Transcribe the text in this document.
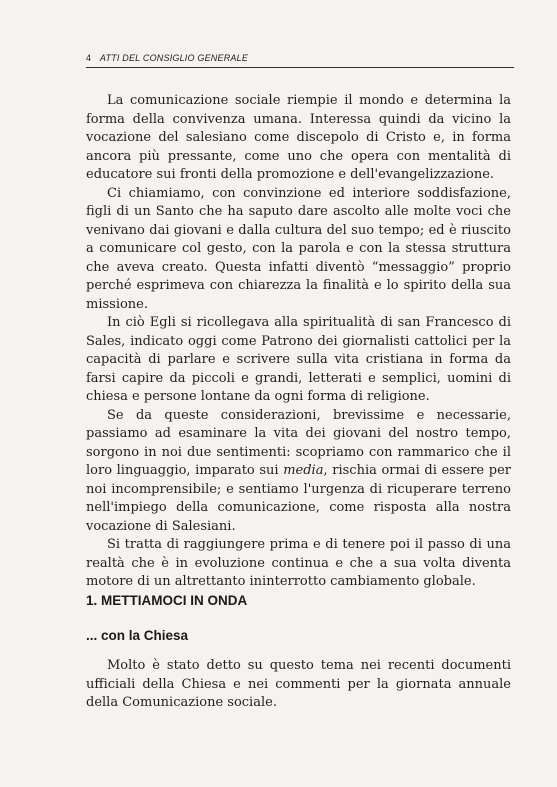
4 ATTI DEL CONSIGLIO GENERALE

La comunicazione sociale riempie il mondo e determina la forma della convivenza umana. Interessa quindi da vicino la vocazione del salesiano come discepolo di Cristo e, in forma ancora più pressante, come uno che opera con mentalità di educatore sui fronti della promozione e dell'evangelizzazione.

Ci chiamiamo, con convinzione ed interiore soddisfazione, figli di un Santo che ha saputo dare ascolto alle molte voci che venivano dai giovani e dalla cultura del suo tempo; ed è riuscito a comunicare col gesto, con la parola e con la stessa struttura che aveva creato. Questa infatti diventò “messaggio” proprio perché esprimeva con chiarezza la finalità e lo spirito della sua missione.

In ciò Egli si ricollegava alla spiritualità di san Francesco di Sales, indicato oggi come Patrono dei giornalisti cattolici per la capacità di parlare e scrivere sulla vita cristiana in forma da farsi capire da piccoli e grandi, letterati e semplici, uomini di chiesa e persone lontane da ogni forma di religione.

Se da queste considerazioni, brevissime e necessarie, passiamo ad esaminare la vita dei giovani del nostro tempo, sorgono in noi due sentimenti: scopriamo con rammarico che il loro linguaggio, imparato sui media, rischia ormai di essere per noi incomprensibile; e sentiamo l'urgenza di ricuperare terreno nell'impiego della comunicazione, come risposta alla nostra vocazione di Salesiani.

Si tratta di raggiungere prima e di tenere poi il passo di una realtà che è in evoluzione continua e che a sua volta diventa motore di un altrettanto ininterrotto cambiamento globale.

1. METTIAMOCI IN ONDA
... con la Chiesa

Molto è stato detto su questo tema nei recenti documenti ufficiali della Chiesa e nei commenti per la giornata annuale della Comunicazione sociale.
